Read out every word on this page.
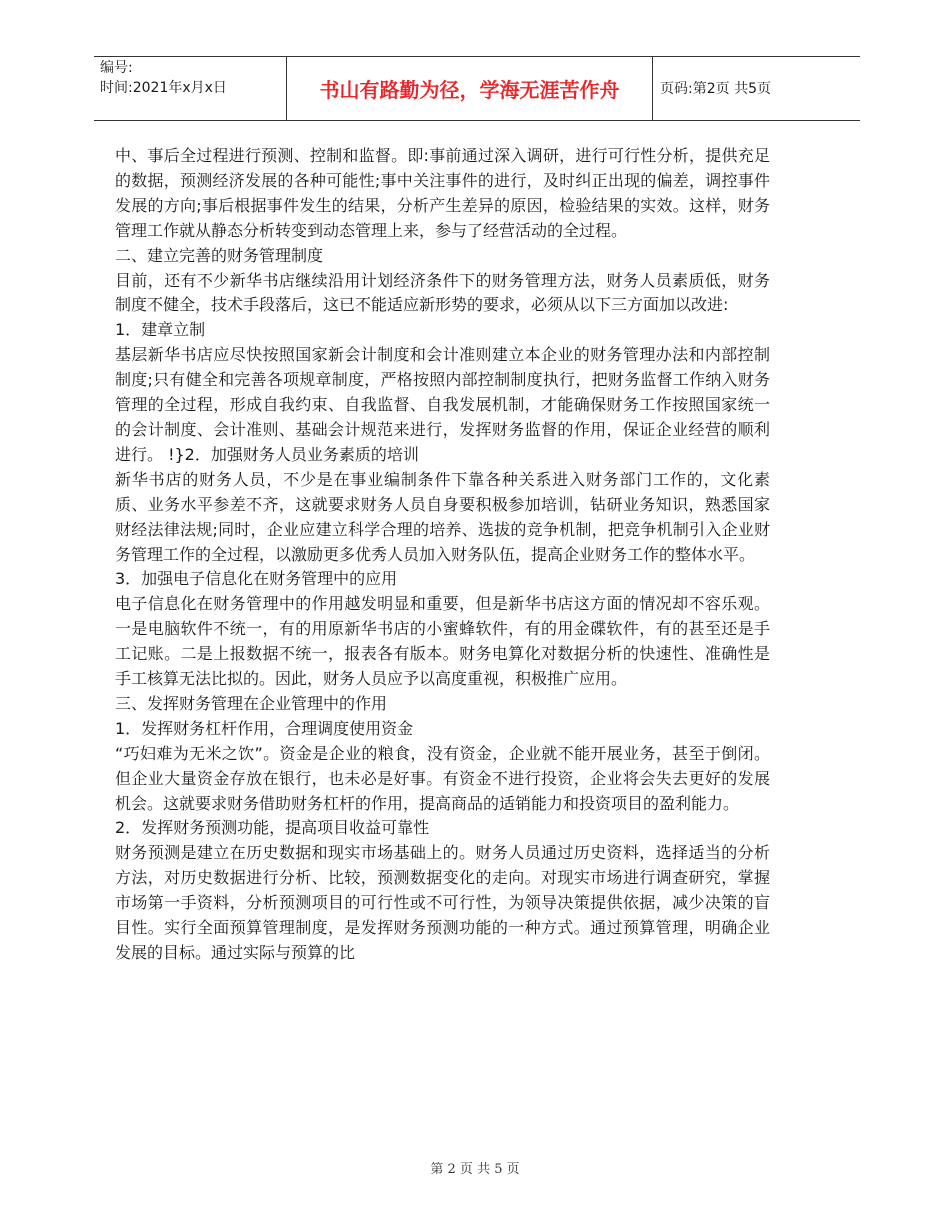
编号:
时间:2021年x月x日	书山有路勤为径，学海无涯苦作舟	页码:第2页 共5页

中、事后全过程进行预测、控制和监督。即:事前通过深入调研，进行可行性分析，提供充足的数据，预测经济发展的各种可能性;事中关注事件的进行，及时纠正出现的偏差，调控事件发展的方向;事后根据事件发生的结果，分析产生差异的原因，检验结果的实效。这样，财务管理工作就从静态分析转变到动态管理上来，参与了经营活动的全过程。

二、建立完善的财务管理制度

目前，还有不少新华书店继续沿用计划经济条件下的财务管理方法，财务人员素质低，财务制度不健全，技术手段落后，这已不能适应新形势的要求，必须从以下三方面加以改进:

1．建章立制

基层新华书店应尽快按照国家新会计制度和会计准则建立本企业的财务管理办法和内部控制制度;只有健全和完善各项规章制度，严格按照内部控制制度执行，把财务监督工作纳入财务管理的全过程，形成自我约束、自我监督、自我发展机制，才能确保财务工作按照国家统一的会计制度、会计准则、基础会计规范来进行，发挥财务监督的作用，保证企业经营的顺利进行。 !}2．加强财务人员业务素质的培训

新华书店的财务人员，不少是在事业编制条件下靠各种关系进入财务部门工作的，文化素质、业务水平参差不齐，这就要求财务人员自身要积极参加培训，钻研业务知识，熟悉国家财经法律法规;同时，企业应建立科学合理的培养、选拔的竞争机制，把竞争机制引入企业财务管理工作的全过程，以激励更多优秀人员加入财务队伍，提高企业财务工作的整体水平。

3．加强电子信息化在财务管理中的应用

电子信息化在财务管理中的作用越发明显和重要，但是新华书店这方面的情况却不容乐观。一是电脑软件不统一，有的用原新华书店的小蜜蜂软件，有的用金碟软件，有的甚至还是手工记账。二是上报数据不统一，报表各有版本。财务电算化对数据分析的快速性、准确性是手工核算无法比拟的。因此，财务人员应予以高度重视，积极推广应用。

三、发挥财务管理在企业管理中的作用

1．发挥财务杠杆作用，合理调度使用资金

“巧妇难为无米之饮”。资金是企业的粮食，没有资金，企业就不能开展业务，甚至于倒闭。但企业大量资金存放在银行，也未必是好事。有资金不进行投资，企业将会失去更好的发展机会。这就要求财务借助财务杠杆的作用，提高商品的适销能力和投资项目的盈利能力。

2．发挥财务预测功能，提高项目收益可靠性

财务预测是建立在历史数据和现实市场基础上的。财务人员通过历史资料，选择适当的分析方法，对历史数据进行分析、比较，预测数据变化的走向。对现实市场进行调查研究，掌握市场第一手资料，分析预测项目的可行性或不可行性，为领导决策提供依据，减少决策的盲目性。实行全面预算管理制度，是发挥财务预测功能的一种方式。通过预算管理，明确企业发展的目标。通过实际与预算的比

第 2 页 共 5 页
